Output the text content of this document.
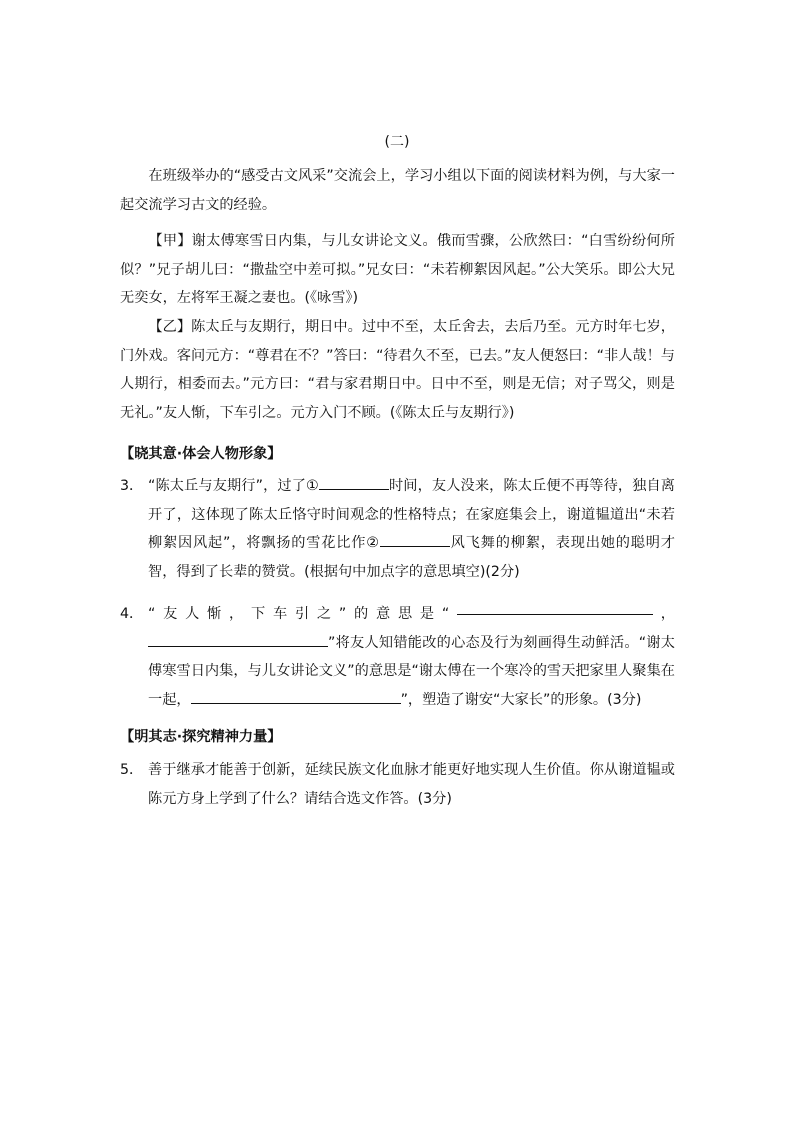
(二)

在班级举办的“感受古文风采”交流会上，学习小组以下面的阅读材料为例，与大家一起交流学习古文的经验。

【甲】谢太傅寒雪日内集，与儿女讲论文义。俄而雪骤，公欣然曰：“白雪纷纷何所似？”兄子胡儿曰：“撒盐空中差可拟。”兄女曰：“未若柳絮因风起。”公大笑乐。即公大兄无奕女，左将军王凝之妻也。(《咏雪》)

【乙】陈太丘与友期行，期日中。过中不至，太丘舍去，去后乃至。元方时年七岁，门外戏。客问元方：“尊君在不？”答曰：“待君久不至，已去。”友人便怒曰：“非人哉！与人期行，相委而去。”元方曰：“君与家君期日中。日中不至，则是无信；对子骂父，则是无礼。”友人惭，下车引之。元方入门不顾。(《陈太丘与友期行》)

【晓其意·体会人物形象】
3． “陈太丘与友期行”，过了①	时间，友人没来，陈太丘便不再等待，独自离开了，这体现了陈太丘恪守时间观念的性格特点；在家庭集会上，谢道韫道出“未若柳絮因风起”，将飘扬的雪花比作②	风飞舞的柳絮，表现出她的聪明才智，得到了长辈的赞赏。(根据句中加点字的意思填空)(2分)
4． “ 友 人 惭 ， 下 车 引 之 ” 的 意 思 是 “	，
”将友人知错能改的心态及行为刻画得生动鲜活。“谢太傅寒雪日内集，与儿女讲论文义”的意思是“谢太傅在一个寒冷的雪天把家里人聚集在一起，	”，塑造了谢安“大家长”的形象。(3分)
【明其志·探究精神力量】
5． 善于继承才能善于创新，延续民族文化血脉才能更好地实现人生价值。你从谢道韫或陈元方身上学到了什么？请结合选文作答。(3分)
